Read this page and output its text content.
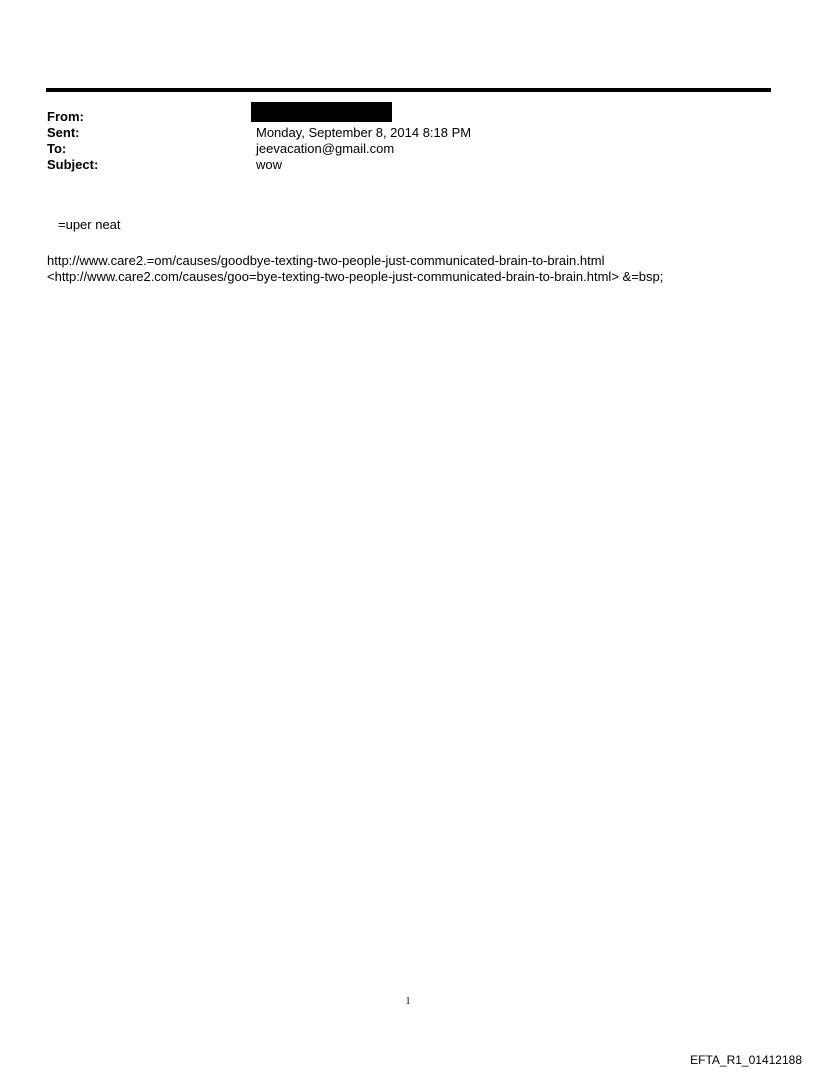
From:
Sent:	Monday, September 8, 2014 8:18 PM
To:	jeevacation@gmail.com
Subject:	wow
=uper neat
http://www.care2.=om/causes/goodbye-texting-two-people-just-communicated-brain-to-brain.html
<http://www.care2.com/causes/goo=bye-texting-two-people-just-communicated-brain-to-brain.html> &=bsp;
1
EFTA_R1_01412188
